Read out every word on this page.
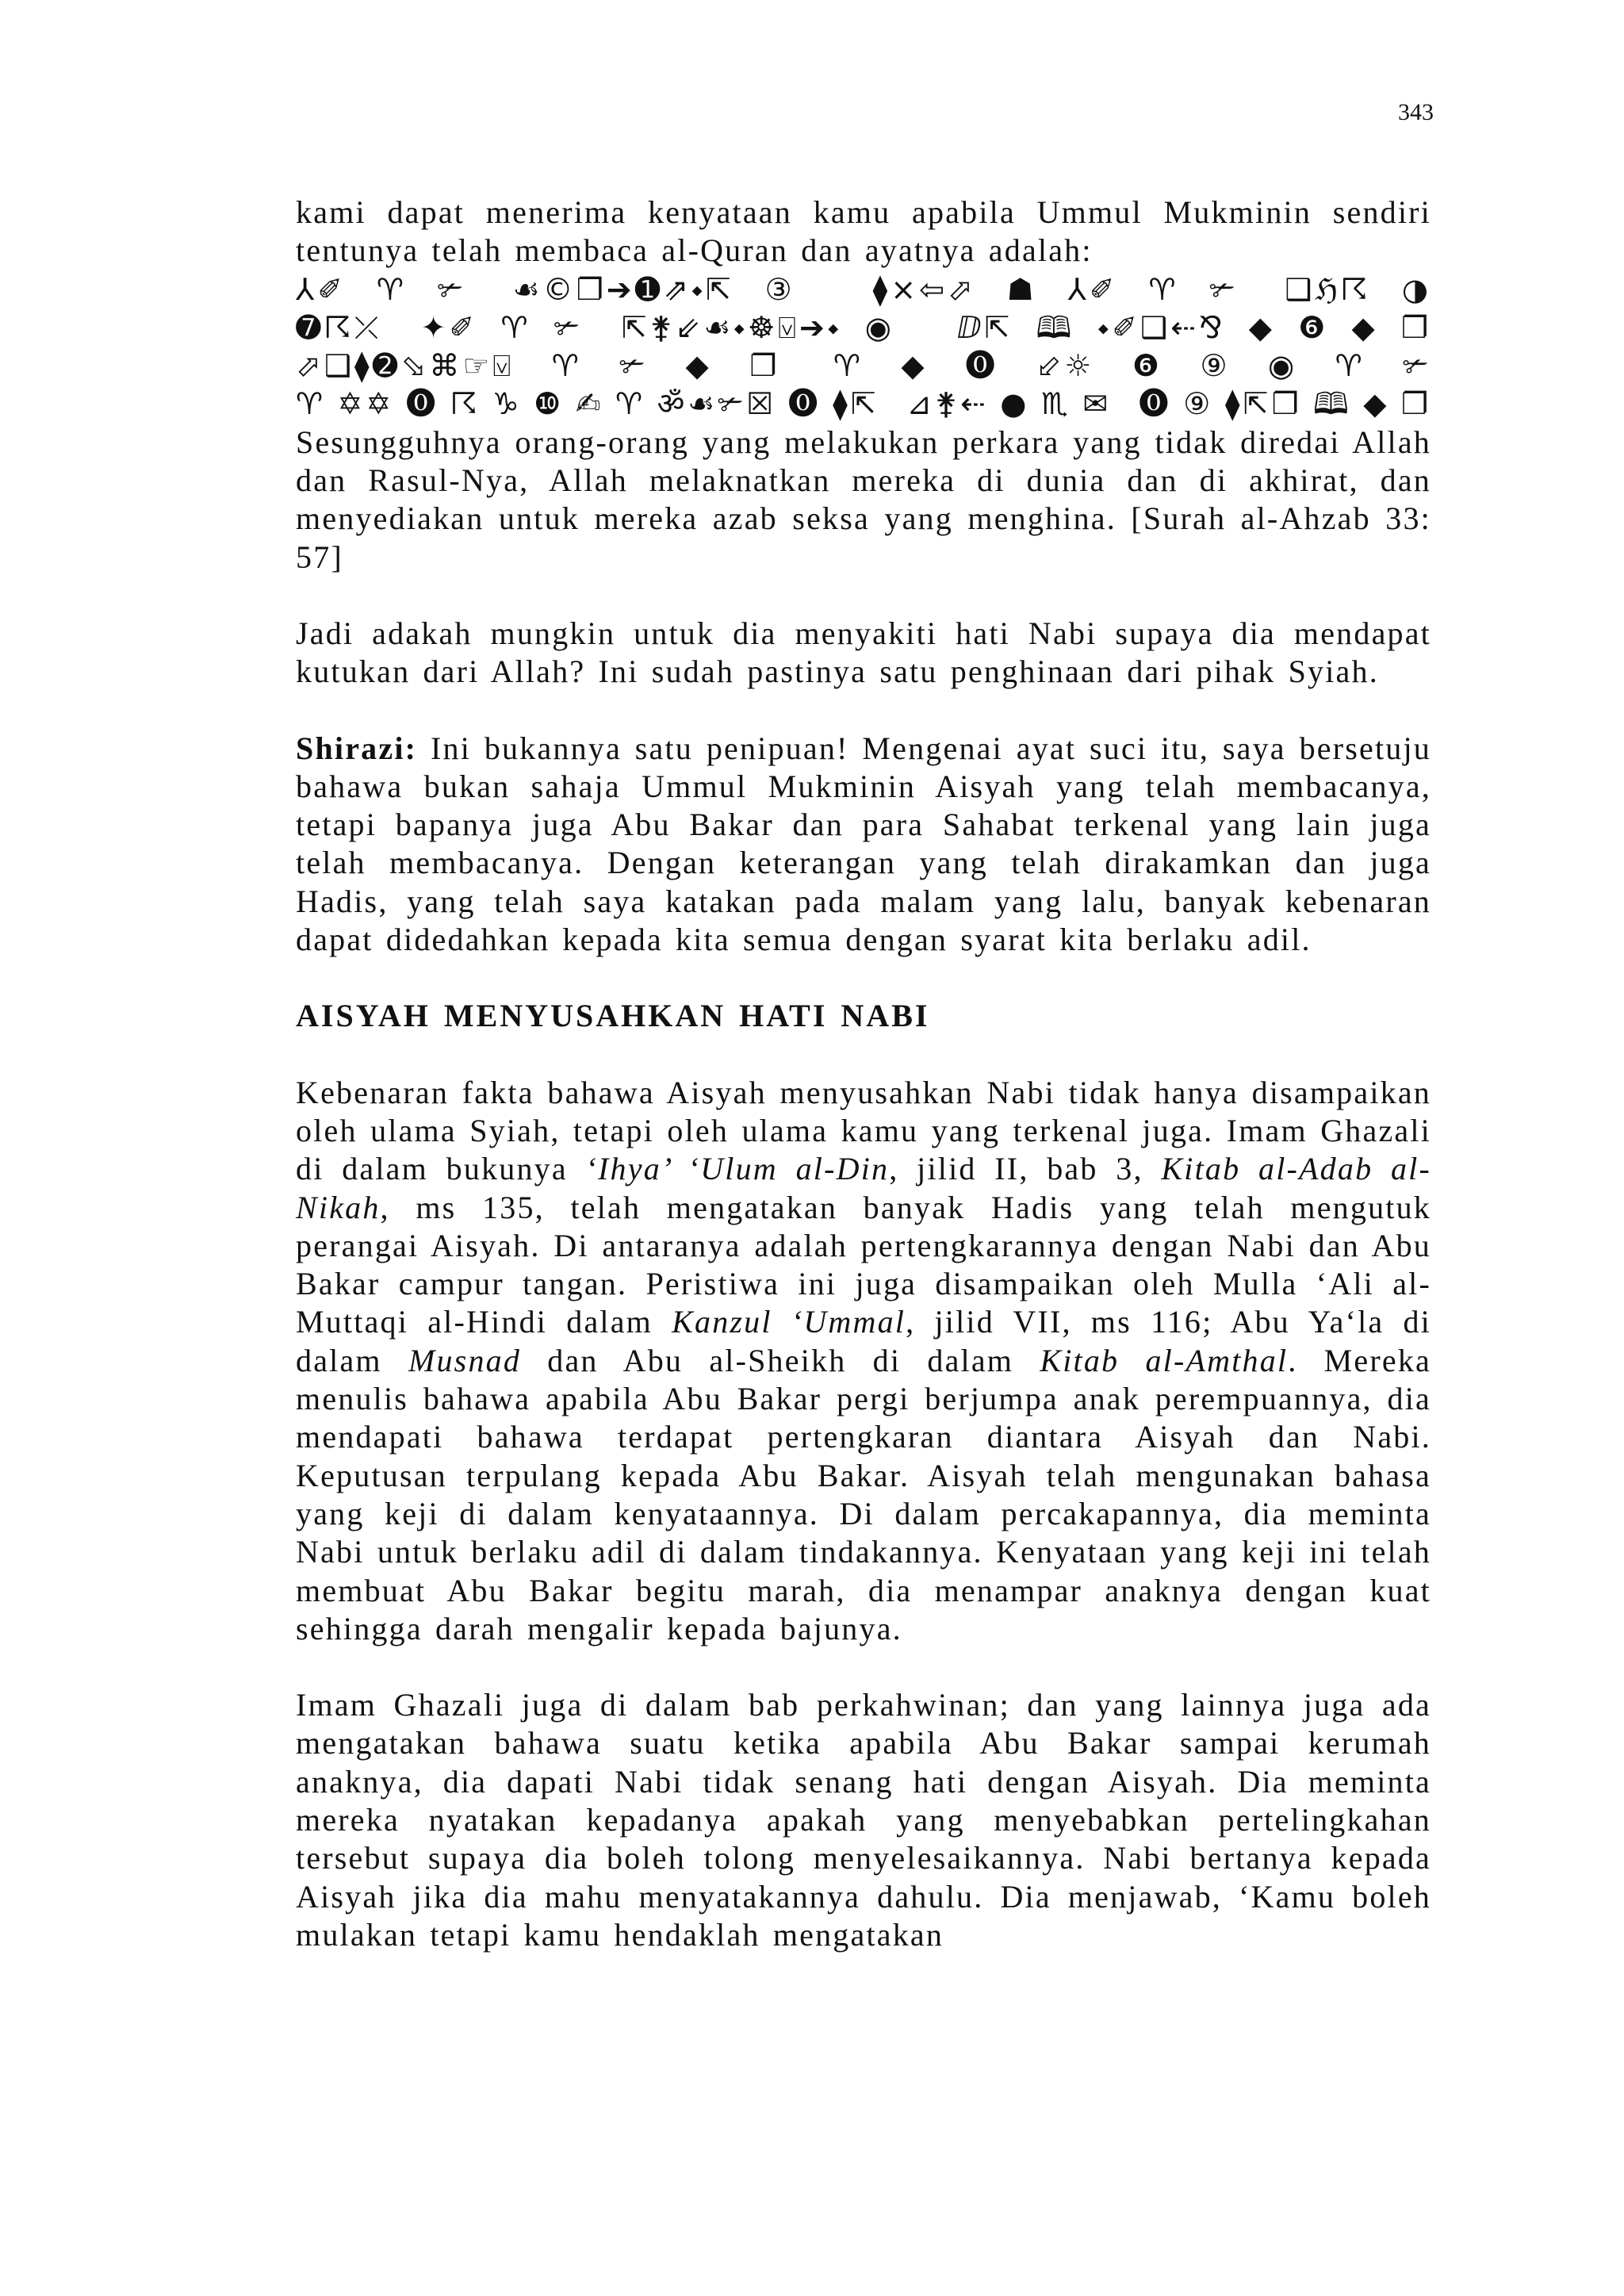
343

kami dapat menerima kenyataan kamu apabila Ummul Mukminin sendiri tentunya telah membaca al-Quran dan ayatnya adalah:

⅄✐♈✃ ☙©❐➔➊⇗⬩⇱③ ⧫×⇦⬀☗⅄✐♈✃ ❑ℌ☈◑

➐☈⤫ ✦✐♈✃ ⇱⚵⇙☙⬩☸⍌➔⬩◉ ⅅ⇱🕮⬩✐❑⇠⅋◆❻◆❐

⬀❑⧫➋⬂⌘☞⍌♈✃◆❐ ♈◆⓿⬃☼❻⑨◉♈✃

♈✡✡⓿☈♑❿✍♈ॐ☙✃☒⓿⧫⇱ ⊿⚵⇠●♏✉ ⓿⑨⧫⇱❐🕮◆❐

Sesungguhnya orang-orang yang melakukan perkara yang tidak diredai Allah dan Rasul-Nya, Allah melaknatkan mereka di dunia dan di akhirat, dan menyediakan untuk mereka azab seksa yang menghina. [Surah al-Ahzab 33: 57]

Jadi adakah mungkin untuk dia menyakiti hati Nabi supaya dia mendapat kutukan dari Allah? Ini sudah pastinya satu penghinaan dari pihak Syiah.

Shirazi: Ini bukannya satu penipuan! Mengenai ayat suci itu, saya bersetuju bahawa bukan sahaja Ummul Mukminin Aisyah yang telah membacanya, tetapi bapanya juga Abu Bakar dan para Sahabat terkenal yang lain juga telah membacanya. Dengan keterangan yang telah dirakamkan dan juga Hadis, yang telah saya katakan pada malam yang lalu, banyak kebenaran dapat didedahkan kepada kita semua dengan syarat kita berlaku adil.

AISYAH MENYUSAHKAN HATI NABI

Kebenaran fakta bahawa Aisyah menyusahkan Nabi tidak hanya disampaikan oleh ulama Syiah, tetapi oleh ulama kamu yang terkenal juga. Imam Ghazali di dalam bukunya ‘Ihya’ ‘Ulum al-Din, jilid II, bab 3, Kitab al-Adab al-Nikah, ms 135, telah mengatakan banyak Hadis yang telah mengutuk perangai Aisyah. Di antaranya adalah pertengkarannya dengan Nabi dan Abu Bakar campur tangan. Peristiwa ini juga disampaikan oleh Mulla ‘Ali al-Muttaqi al-Hindi dalam Kanzul ‘Ummal, jilid VII, ms 116; Abu Ya‘la di dalam Musnad dan Abu al-Sheikh di dalam Kitab al-Amthal. Mereka menulis bahawa apabila Abu Bakar pergi berjumpa anak perempuannya, dia mendapati bahawa terdapat pertengkaran diantara Aisyah dan Nabi. Keputusan terpulang kepada Abu Bakar. Aisyah telah mengunakan bahasa yang keji di dalam kenyataannya. Di dalam percakapannya, dia meminta Nabi untuk berlaku adil di dalam tindakannya. Kenyataan yang keji ini telah membuat Abu Bakar begitu marah, dia menampar anaknya dengan kuat sehingga darah mengalir kepada bajunya.

Imam Ghazali juga di dalam bab perkahwinan; dan yang lainnya juga ada mengatakan bahawa suatu ketika apabila Abu Bakar sampai kerumah anaknya, dia dapati Nabi tidak senang hati dengan Aisyah. Dia meminta mereka nyatakan kepadanya apakah yang menyebabkan pertelingkahan tersebut supaya dia boleh tolong menyelesaikannya. Nabi bertanya kepada Aisyah jika dia mahu menyatakannya dahulu. Dia menjawab, ‘Kamu boleh mulakan tetapi kamu hendaklah mengatakan
